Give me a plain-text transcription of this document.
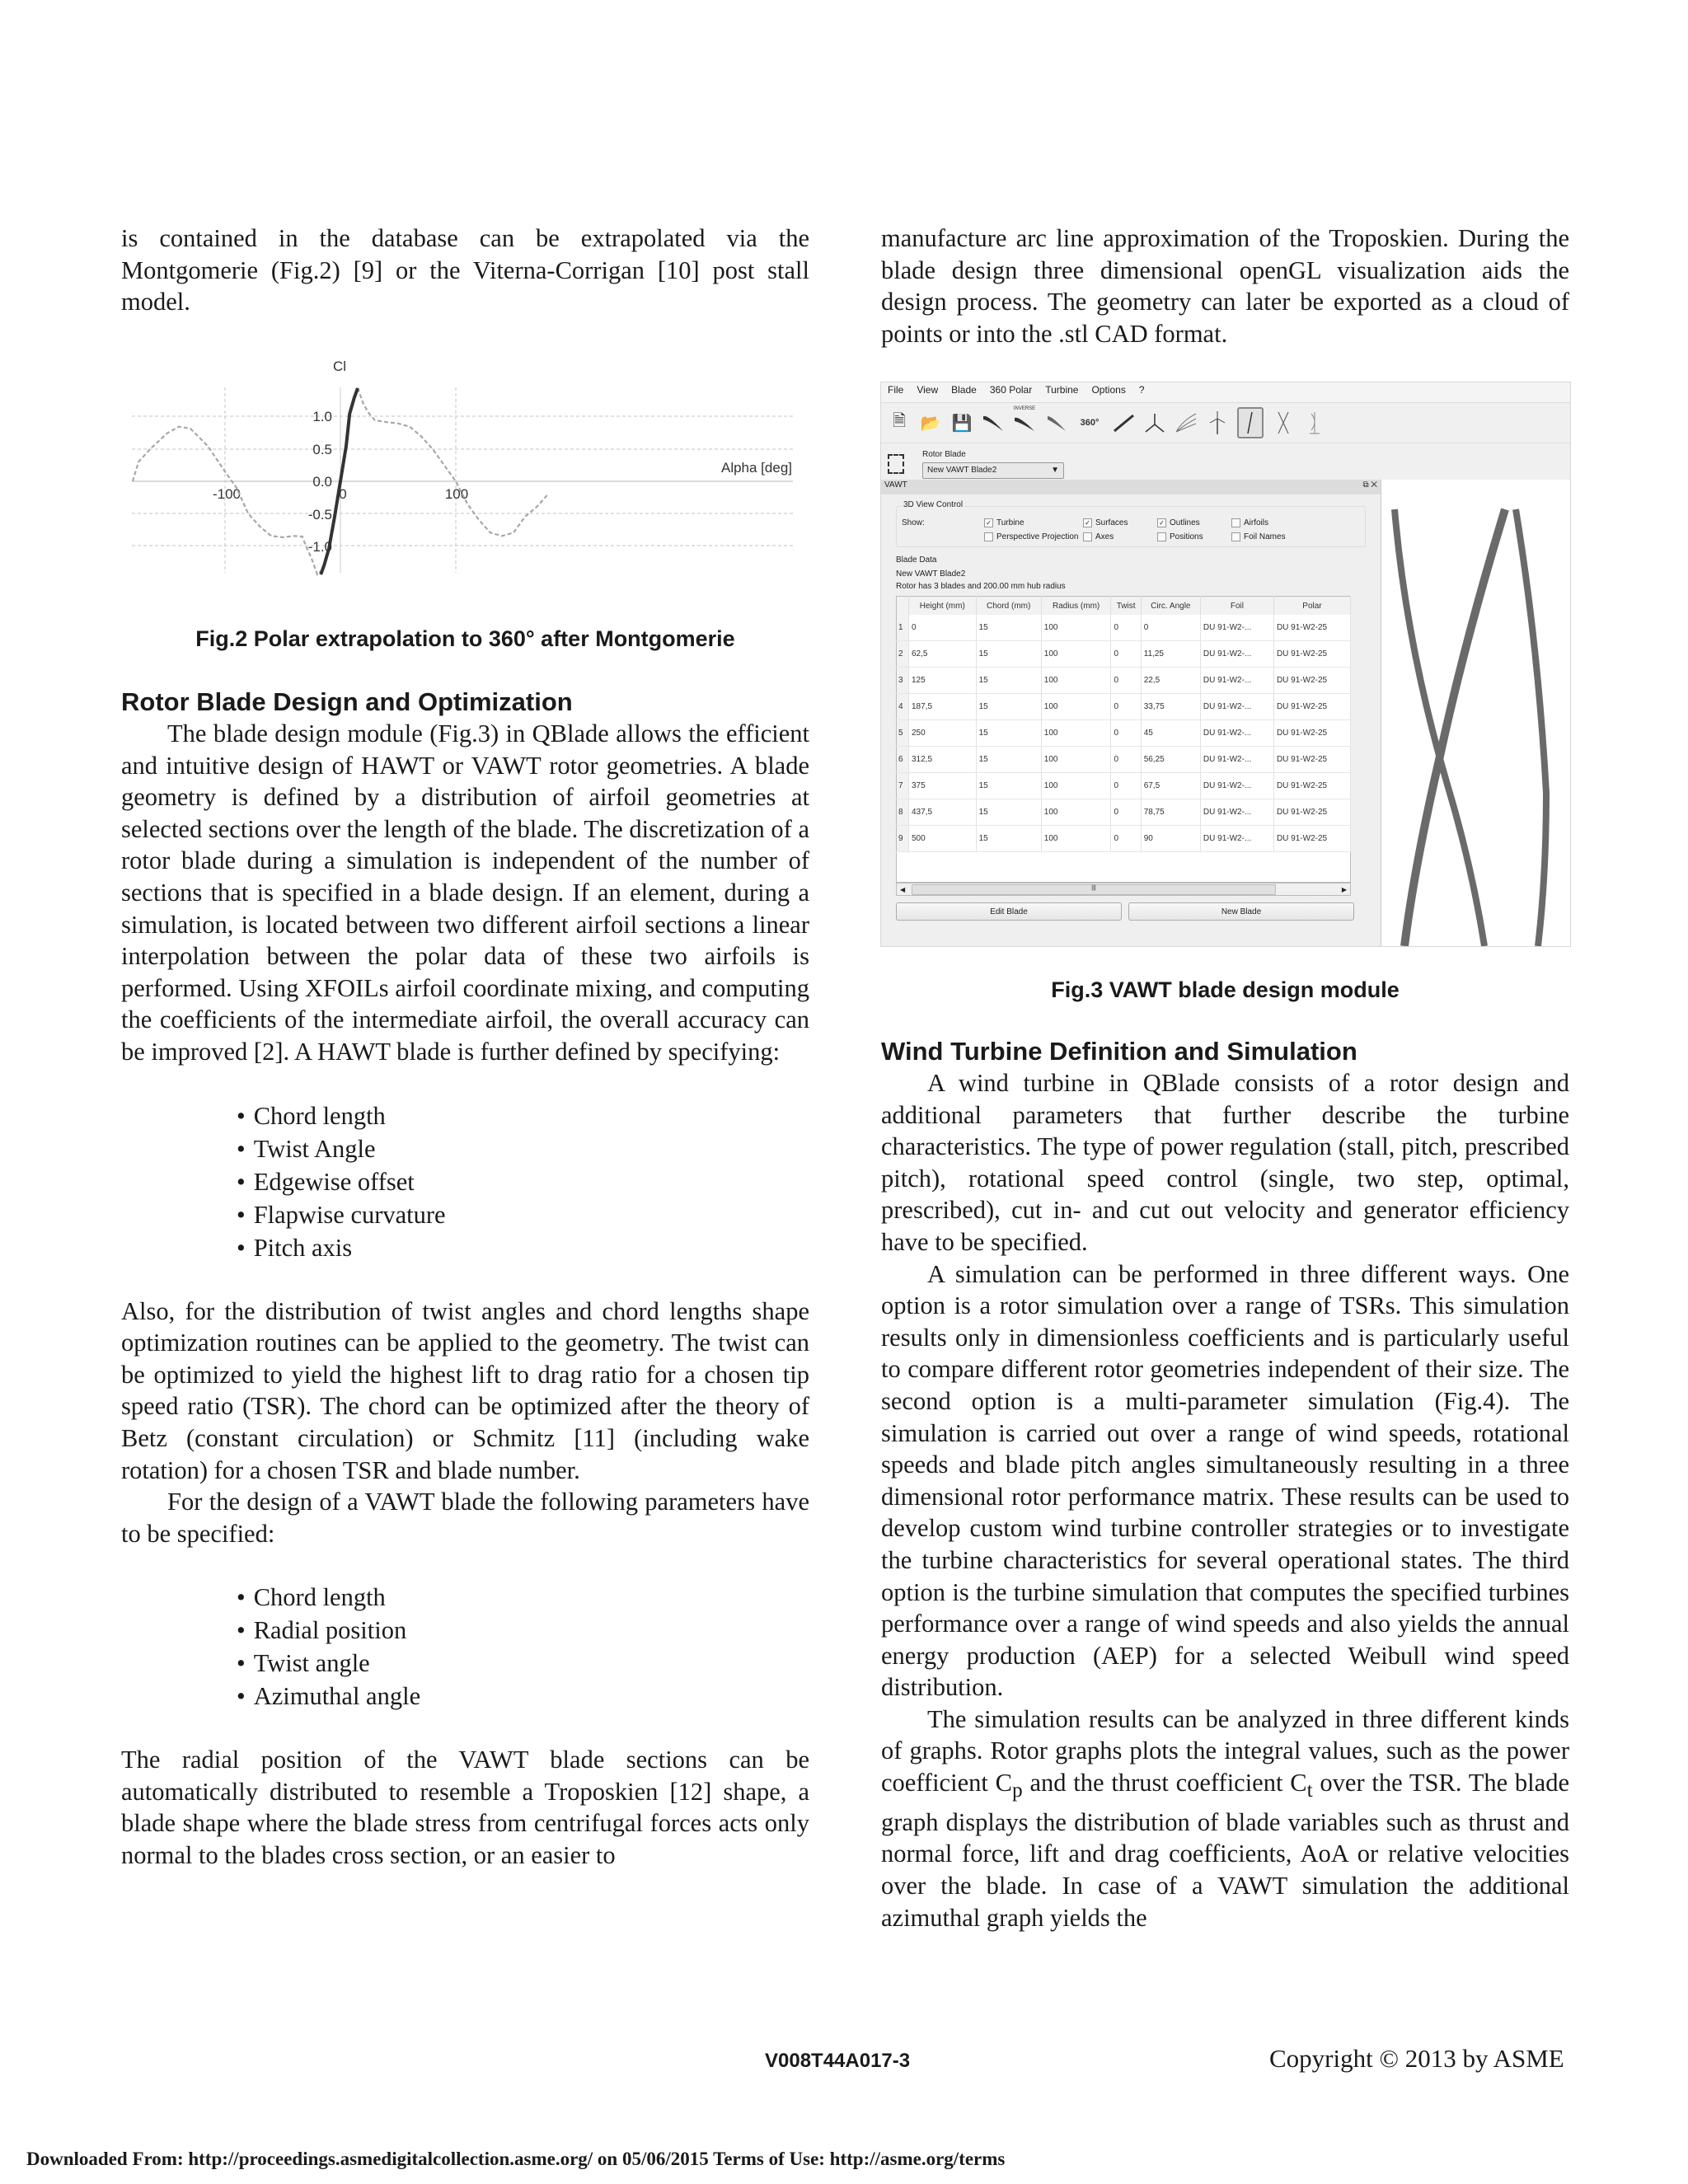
is contained in the database can be extrapolated via the Montgomerie (Fig.2) [9] or the Viterna-Corrigan [10] post stall model.

Cl
Alpha [deg]
1.0
0.5
0.0
-0.5
-1.0
-100	0	100
Fig.2 Polar extrapolation to 360° after Montgomerie
Rotor Blade Design and Optimization

The blade design module (Fig.3) in QBlade allows the efficient and intuitive design of HAWT or VAWT rotor geometries. A blade geometry is defined by a distribution of airfoil geometries at selected sections over the length of the blade. The discretization of a rotor blade during a simulation is independent of the number of sections that is specified in a blade design. If an element, during a simulation, is located between two different airfoil sections a linear interpolation between the polar data of these two airfoils is performed. Using XFOILs airfoil coordinate mixing, and computing the coefficients of the intermediate airfoil, the overall accuracy can be improved [2]. A HAWT blade is further defined by specifying:

• Chord length
• Twist Angle
• Edgewise offset
• Flapwise curvature
• Pitch axis

Also, for the distribution of twist angles and chord lengths shape optimization routines can be applied to the geometry. The twist can be optimized to yield the highest lift to drag ratio for a chosen tip speed ratio (TSR). The chord can be optimized after the theory of Betz (constant circulation) or Schmitz [11] (including wake rotation) for a chosen TSR and blade number.

For the design of a VAWT blade the following parameters have to be specified:

• Chord length
• Radial position
• Twist angle
• Azimuthal angle

The radial position of the VAWT blade sections can be automatically distributed to resemble a Troposkien [12] shape, a blade shape where the blade stress from centrifugal forces acts only normal to the blades cross section, or an easier to

manufacture arc line approximation of the Troposkien. During the blade design three dimensional openGL visualization aids the design process. The geometry can later be exported as a cloud of points or into the .stl CAD format.

File View Blade 360 Polar Turbine Options ?
🗎 📂 💾
INVERSE
360°
Rotor Blade
New VAWT Blade2	▼
VAWT	⧉ ✕
3D View Control
Show:	✓ Turbine	✓ Surfaces	✓ Outlines	Airfoils
Perspective Projection	Axes	Positions	Foil Names
Blade Data
New VAWT Blade2
Rotor has 3 blades and 200.00 mm hub radius
	Height (mm)	Chord (mm)	Radius (mm)	Twist	Circ. Angle	Foil	Polar
1	0	15	100	0	0	DU 91-W2-...	DU 91-W2-25
2	62,5	15	100	0	11,25	DU 91-W2-...	DU 91-W2-25
3	125	15	100	0	22,5	DU 91-W2-...	DU 91-W2-25
4	187,5	15	100	0	33,75	DU 91-W2-...	DU 91-W2-25
5	250	15	100	0	45	DU 91-W2-...	DU 91-W2-25
6	312,5	15	100	0	56,25	DU 91-W2-...	DU 91-W2-25
7	375	15	100	0	67,5	DU 91-W2-...	DU 91-W2-25
8	437,5	15	100	0	78,75	DU 91-W2-...	DU 91-W2-25
9	500	15	100	0	90	DU 91-W2-...	DU 91-W2-25

◀	|||	▶
Edit Blade	New Blade
Fig.3 VAWT blade design module
Wind Turbine Definition and Simulation

A wind turbine in QBlade consists of a rotor design and additional parameters that further describe the turbine characteristics. The type of power regulation (stall, pitch, prescribed pitch), rotational speed control (single, two step, optimal, prescribed), cut in- and cut out velocity and generator efficiency have to be specified.

A simulation can be performed in three different ways. One option is a rotor simulation over a range of TSRs. This simulation results only in dimensionless coefficients and is particularly useful to compare different rotor geometries independent of their size. The second option is a multi-parameter simulation (Fig.4). The simulation is carried out over a range of wind speeds, rotational speeds and blade pitch angles simultaneously resulting in a three dimensional rotor performance matrix. These results can be used to develop custom wind turbine controller strategies or to investigate the turbine characteristics for several operational states. The third option is the turbine simulation that computes the specified turbines performance over a range of wind speeds and also yields the annual energy production (AEP) for a selected Weibull wind speed distribution.

The simulation results can be analyzed in three different kinds of graphs. Rotor graphs plots the integral values, such as the power coefficient $C_p$ and the thrust coefficient $C_t$ over the TSR. The blade graph displays the distribution of blade variables such as thrust and normal force, lift and drag coefficients, AoA or relative velocities over the blade. In case of a VAWT simulation the additional azimuthal graph yields the

V008T44A017-3	Copyright © 2013 by ASME
Downloaded From: http://proceedings.asmedigitalcollection.asme.org/ on 05/06/2015 Terms of Use: http://asme.org/terms
